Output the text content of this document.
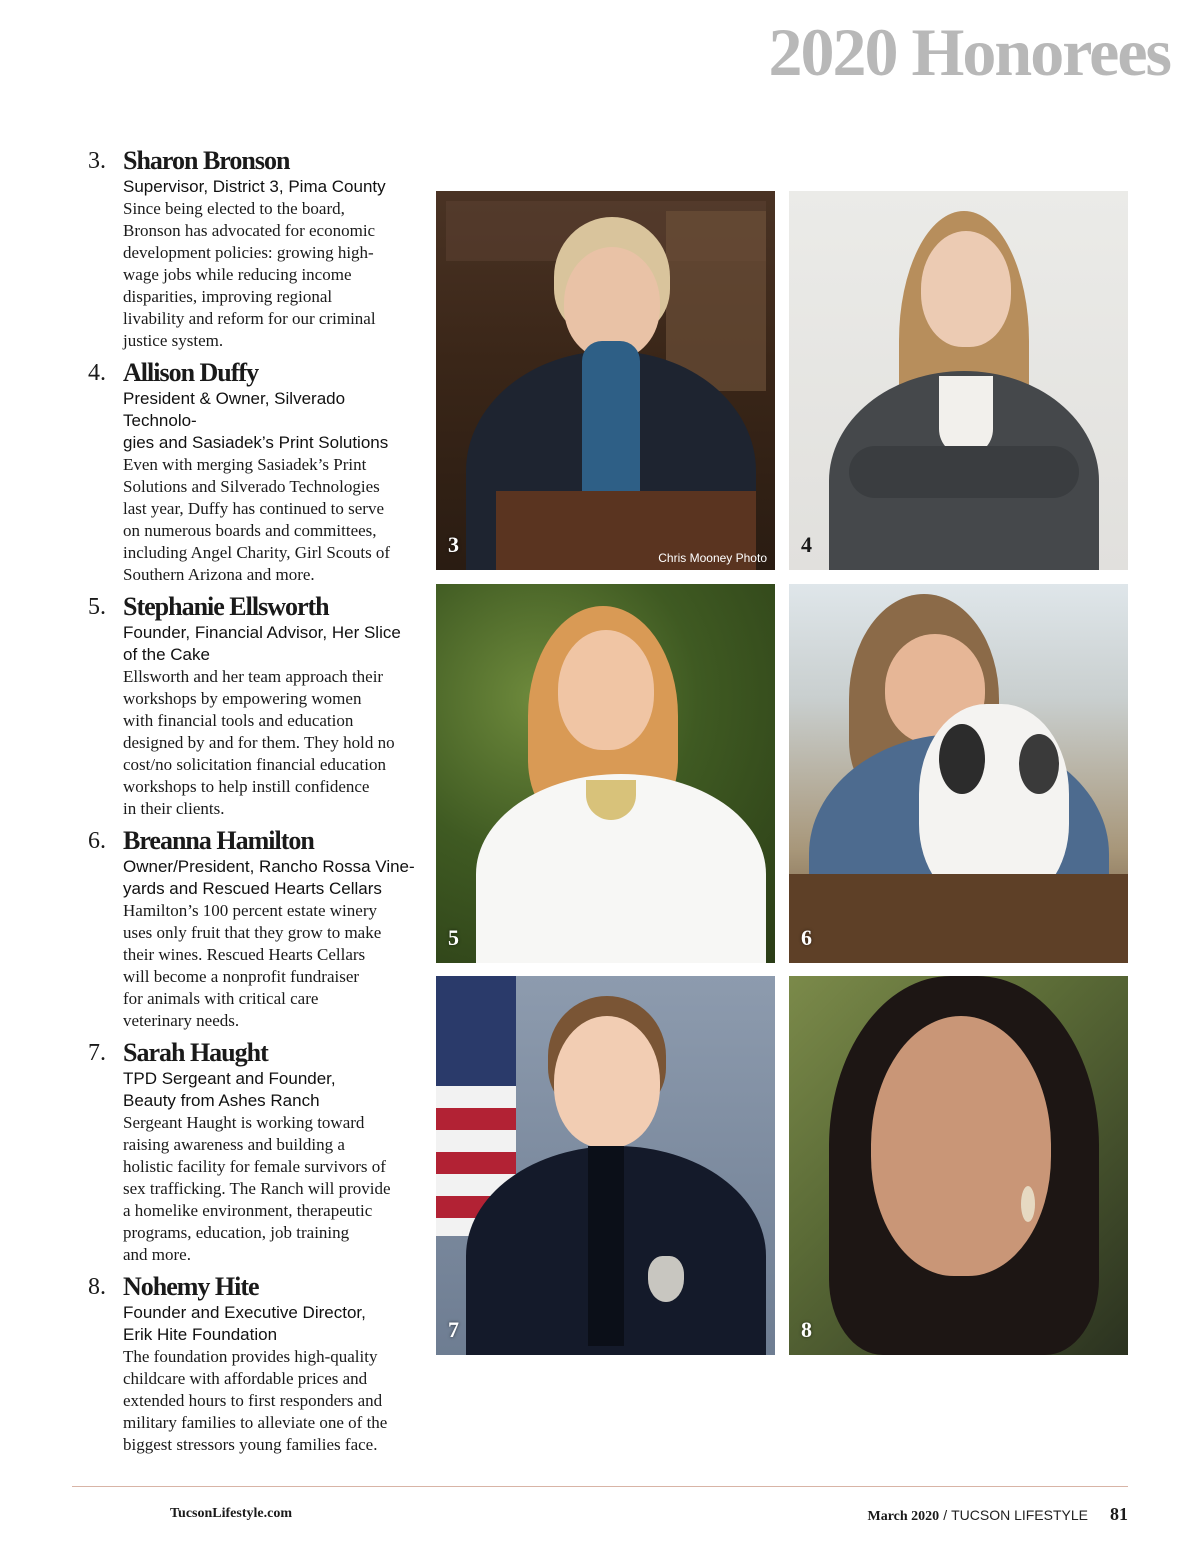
2020 Honorees
3. Sharon Bronson
Supervisor, District 3, Pima County
Since being elected to the board,
Bronson has advocated for economic
development policies: growing high-
wage jobs while reducing income
disparities, improving regional
livability and reform for our criminal
justice system.
4. Allison Duffy
President & Owner, Silverado Technolo-
gies and Sasiadek’s Print Solutions
Even with merging Sasiadek’s Print
Solutions and Silverado Technologies
last year, Duffy has continued to serve
on numerous boards and committees,
including Angel Charity, Girl Scouts of
Southern Arizona and more.
5. Stephanie Ellsworth
Founder, Financial Advisor, Her Slice
of the Cake
Ellsworth and her team approach their
workshops by empowering women
with financial tools and education
designed by and for them. They hold no
cost/no solicitation financial education
workshops to help instill confidence
in their clients.
6. Breanna Hamilton
Owner/President, Rancho Rossa Vine-
yards and Rescued Hearts Cellars
Hamilton’s 100 percent estate winery
uses only fruit that they grow to make
their wines. Rescued Hearts Cellars
will become a nonprofit fundraiser
for animals with critical care
veterinary needs.
7. Sarah Haught
TPD Sergeant and Founder,
Beauty from Ashes Ranch
Sergeant Haught is working toward
raising awareness and building a
holistic facility for female survivors of
sex trafficking. The Ranch will provide
a homelike environment, therapeutic
programs, education, job training
and more.
8. Nohemy Hite
Founder and Executive Director,
Erik Hite Foundation
The foundation provides high-quality
childcare with affordable prices and
extended hours to first responders and
military families to alleviate one of the
biggest stressors young families face.
3
Chris Mooney Photo
4
5	6
7	8
TucsonLifestyle.com	March 2020 / TUCSON LIFESTYLE 81
